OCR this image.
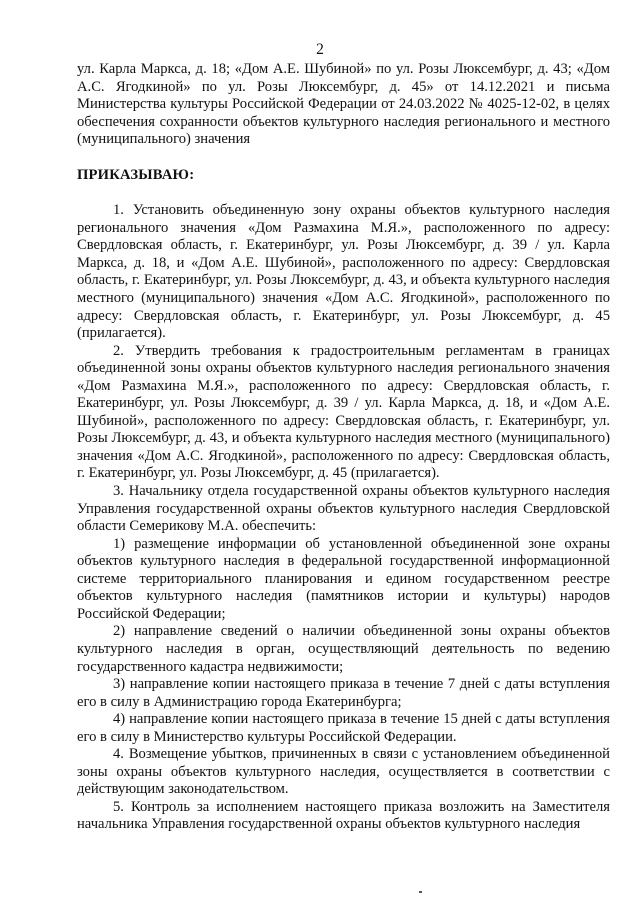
2

ул. Карла Маркса, д. 18; «Дом А.Е. Шубиной» по ул. Розы Люксембург, д. 43; «Дом А.С. Ягодкиной» по ул. Розы Люксембург, д. 45» от 14.12.2021 и письма Министерства культуры Российской Федерации от 24.03.2022 № 4025-12-02, в целях обеспечения сохранности объектов культурного наследия регионального и местного (муниципального) значения

ПРИКАЗЫВАЮ:

1. Установить объединенную зону охраны объектов культурного наследия регионального значения «Дом Размахина М.Я.», расположенного по адресу: Свердловская область, г. Екатеринбург, ул. Розы Люксембург, д. 39 / ул. Карла Маркса, д. 18, и «Дом А.Е. Шубиной», расположенного по адресу: Свердловская область, г. Екатеринбург, ул. Розы Люксембург, д. 43, и объекта культурного наследия местного (муниципального) значения «Дом А.С. Ягодкиной», расположенного по адресу: Свердловская область, г. Екатеринбург, ул. Розы Люксембург, д. 45 (прилагается).

2. Утвердить требования к градостроительным регламентам в границах объединенной зоны охраны объектов культурного наследия регионального значения «Дом Размахина М.Я.», расположенного по адресу: Свердловская область, г. Екатеринбург, ул. Розы Люксембург, д. 39 / ул. Карла Маркса, д. 18, и «Дом А.Е. Шубиной», расположенного по адресу: Свердловская область, г. Екатеринбург, ул. Розы Люксембург, д. 43, и объекта культурного наследия местного (муниципального) значения «Дом А.С. Ягодкиной», расположенного по адресу: Свердловская область, г. Екатеринбург, ул. Розы Люксембург, д. 45 (прилагается).

3. Начальнику отдела государственной охраны объектов культурного наследия Управления государственной охраны объектов культурного наследия Свердловской области Семерикову М.А. обеспечить:

1) размещение информации об установленной объединенной зоне охраны объектов культурного наследия в федеральной государственной информационной системе территориального планирования и едином государственном реестре объектов культурного наследия (памятников истории и культуры) народов Российской Федерации;

2) направление сведений о наличии объединенной зоны охраны объектов культурного наследия в орган, осуществляющий деятельность по ведению государственного кадастра недвижимости;

3) направление копии настоящего приказа в течение 7 дней с даты вступления его в силу в Администрацию города Екатеринбурга;

4) направление копии настоящего приказа в течение 15 дней с даты вступления его в силу в Министерство культуры Российской Федерации.

4. Возмещение убытков, причиненных в связи с установлением объединенной зоны охраны объектов культурного наследия, осуществляется в соответствии с действующим законодательством.

5. Контроль за исполнением настоящего приказа возложить на Заместителя начальника Управления государственной охраны объектов культурного наследия
